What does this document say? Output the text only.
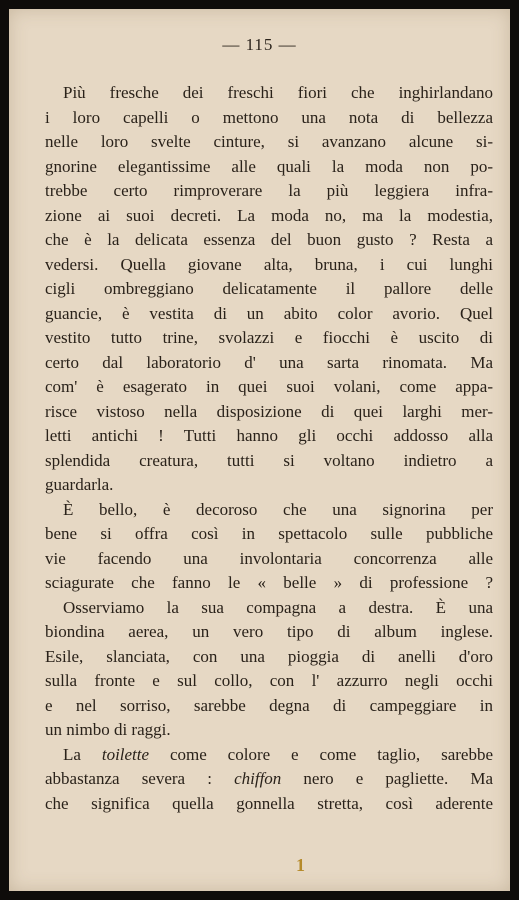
— 115 —
Più fresche dei freschi fiori che inghirlandano
i loro capelli o mettono una nota di bellezza
nelle loro svelte cinture, si avanzano alcune si-
gnorine elegantissime alle quali la moda non po-
trebbe certo rimproverare la più leggiera infra-
zione ai suoi decreti. La moda no, ma la modestia,
che è la delicata essenza del buon gusto ? Resta a
vedersi. Quella giovane alta, bruna, i cui lunghi
cigli ombreggiano delicatamente il pallore delle
guancie, è vestita di un abito color avorio. Quel
vestito tutto trine, svolazzi e fiocchi è uscito di
certo dal laboratorio d' una sarta rinomata. Ma
com' è esagerato in quei suoi volani, come appa-
risce vistoso nella disposizione di quei larghi mer-
letti antichi ! Tutti hanno gli occhi addosso alla
splendida creatura, tutti si voltano indietro a
guardarla.
È bello, è decoroso che una signorina per
bene si offra così in spettacolo sulle pubbliche
vie facendo una involontaria concorrenza alle
sciagurate che fanno le « belle » di professione ?
Osserviamo la sua compagna a destra. È una
biondina aerea, un vero tipo di album inglese.
Esile, slanciata, con una pioggia di anelli d'oro
sulla fronte e sul collo, con l' azzurro negli occhi
e nel sorriso, sarebbe degna di campeggiare in
un nimbo di raggi.
La toilette come colore e come taglio, sarebbe
abbastanza severa : chiffon nero e pagliette. Ma
che significa quella gonnella stretta, così aderente
1
